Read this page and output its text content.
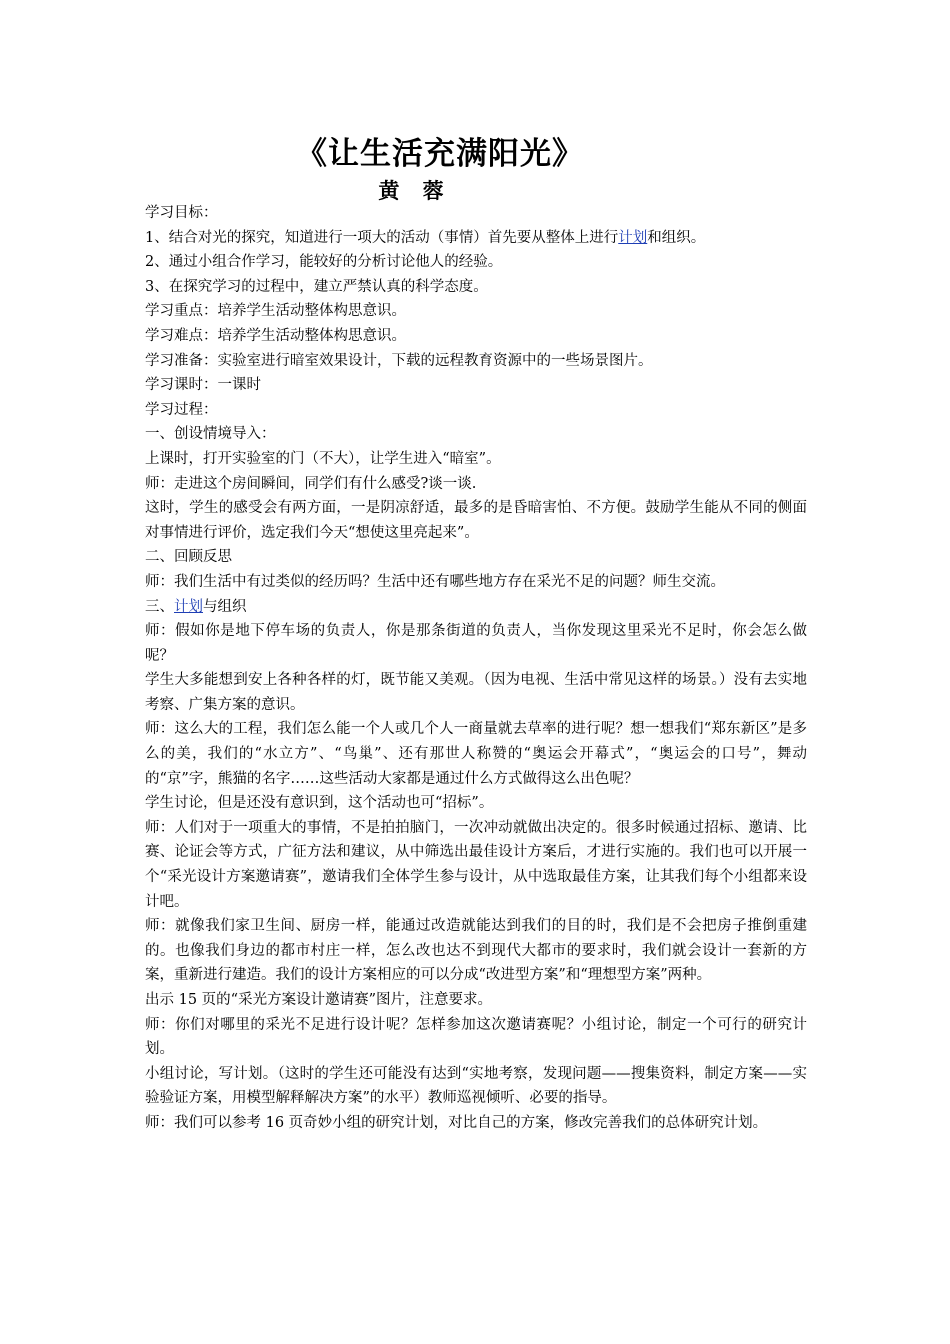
《让生活充满阳光》
黄 蓉

学习目标：

1、结合对光的探究，知道进行一项大的活动（事情）首先要从整体上进行计划和组织。

2、通过小组合作学习，能较好的分析讨论他人的经验。

3、在探究学习的过程中，建立严禁认真的科学态度。

学习重点：培养学生活动整体构思意识。

学习难点：培养学生活动整体构思意识。

学习准备：实验室进行暗室效果设计，下载的远程教育资源中的一些场景图片。

学习课时：一课时

学习过程：

一、创设情境导入：

上课时，打开实验室的门（不大），让学生进入“暗室”。

师：走进这个房间瞬间，同学们有什么感受?谈一谈.

这时，学生的感受会有两方面，一是阴凉舒适，最多的是昏暗害怕、不方便。鼓励学生能从不同的侧面对事情进行评价，选定我们今天“想使这里亮起来”。

二、回顾反思

师：我们生活中有过类似的经历吗？生活中还有哪些地方存在采光不足的问题？师生交流。

三、计划与组织

师：假如你是地下停车场的负责人，你是那条街道的负责人，当你发现这里采光不足时，你会怎么做呢？

学生大多能想到安上各种各样的灯，既节能又美观。（因为电视、生活中常见这样的场景。）没有去实地考察、广集方案的意识。

师：这么大的工程，我们怎么能一个人或几个人一商量就去草率的进行呢？想一想我们“郑东新区”是多么的美，我们的“水立方”、“鸟巢”、还有那世人称赞的“奥运会开幕式”，“奥运会的口号”，舞动的“京”字，熊猫的名字……这些活动大家都是通过什么方式做得这么出色呢？

学生讨论，但是还没有意识到，这个活动也可“招标”。

师：人们对于一项重大的事情，不是拍拍脑门，一次冲动就做出决定的。很多时候通过招标、邀请、比赛、论证会等方式，广征方法和建议，从中筛选出最佳设计方案后，才进行实施的。我们也可以开展一个“采光设计方案邀请赛”，邀请我们全体学生参与设计，从中选取最佳方案，让其我们每个小组都来设计吧。

师：就像我们家卫生间、厨房一样，能通过改造就能达到我们的目的时，我们是不会把房子推倒重建的。也像我们身边的都市村庄一样，怎么改也达不到现代大都市的要求时，我们就会设计一套新的方案，重新进行建造。我们的设计方案相应的可以分成“改进型方案”和“理想型方案”两种。

出示 15 页的“采光方案设计邀请赛”图片，注意要求。

师：你们对哪里的采光不足进行设计呢？怎样参加这次邀请赛呢？小组讨论，制定一个可行的研究计划。

小组讨论，写计划。（这时的学生还可能没有达到“实地考察，发现问题——搜集资料，制定方案——实验验证方案，用模型解释解决方案”的水平）教师巡视倾听、必要的指导。

师：我们可以参考 16 页奇妙小组的研究计划，对比自己的方案，修改完善我们的总体研究计划。
